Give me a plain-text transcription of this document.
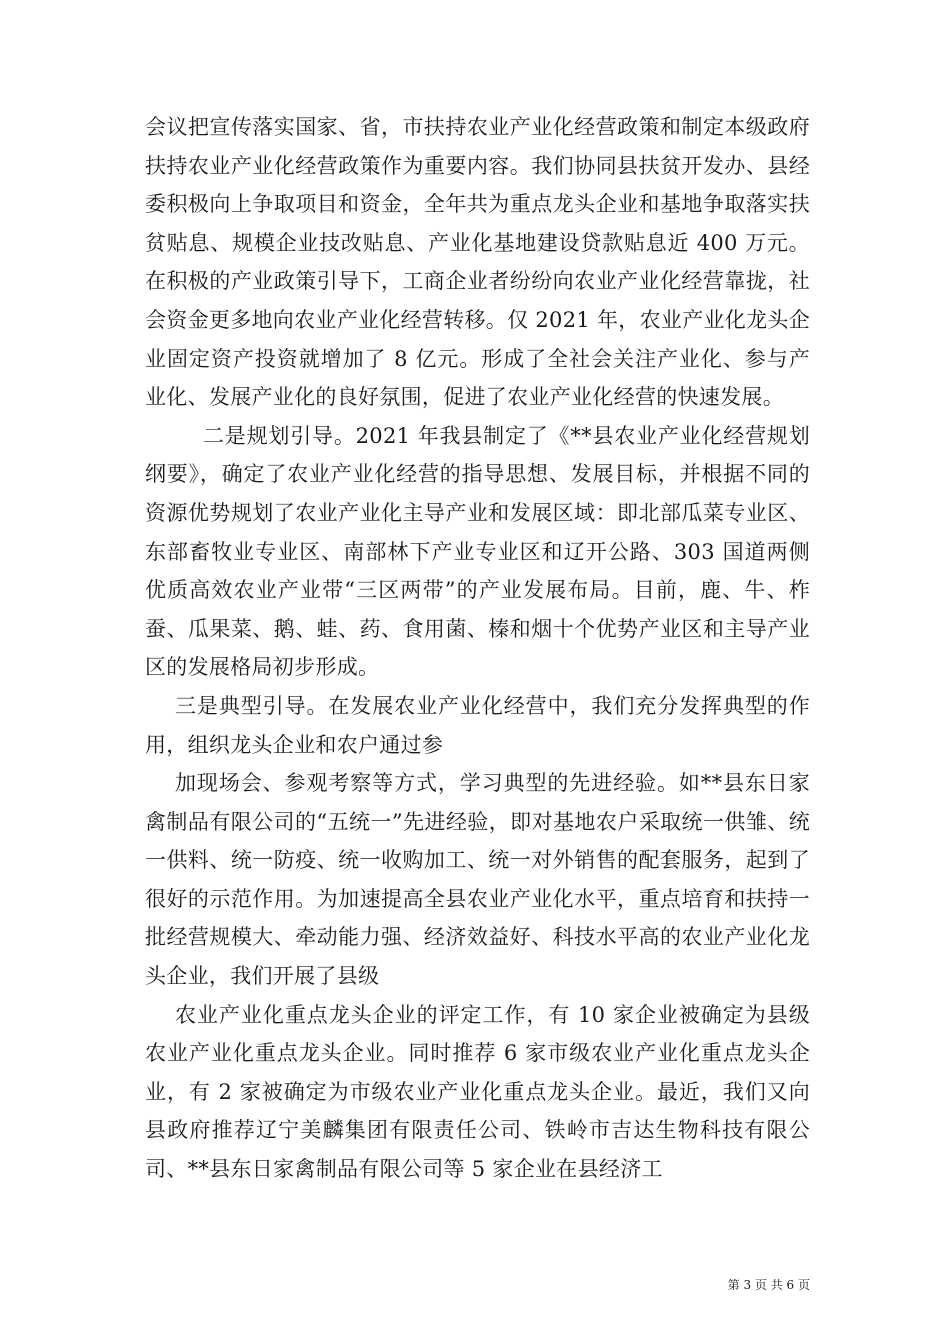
会议把宣传落实国家、省，市扶持农业产业化经营政策和制定本级政府扶持农业产业化经营政策作为重要内容。我们协同县扶贫开发办、县经委积极向上争取项目和资金，全年共为重点龙头企业和基地争取落实扶贫贴息、规模企业技改贴息、产业化基地建设贷款贴息近 400 万元。在积极的产业政策引导下，工商企业者纷纷向农业产业化经营靠拢，社会资金更多地向农业产业化经营转移。仅 2021 年，农业产业化龙头企业固定资产投资就增加了 8 亿元。形成了全社会关注产业化、参与产业化、发展产业化的良好氛围，促进了农业产业化经营的快速发展。

二是规划引导。2021 年我县制定了《**县农业产业化经营规划纲要》，确定了农业产业化经营的指导思想、发展目标，并根据不同的资源优势规划了农业产业化主导产业和发展区域：即北部瓜菜专业区、东部畜牧业专业区、南部林下产业专业区和辽开公路、303 国道两侧优质高效农业产业带“三区两带”的产业发展布局。目前，鹿、牛、柞蚕、瓜果菜、鹅、蛙、药、食用菌、榛和烟十个优势产业区和主导产业区的发展格局初步形成。

三是典型引导。在发展农业产业化经营中，我们充分发挥典型的作用，组织龙头企业和农户通过参

加现场会、参观考察等方式，学习典型的先进经验。如**县东日家禽制品有限公司的“五统一”先进经验，即对基地农户采取统一供雏、统一供料、统一防疫、统一收购加工、统一对外销售的配套服务，起到了很好的示范作用。为加速提高全县农业产业化水平，重点培育和扶持一批经营规模大、牵动能力强、经济效益好、科技水平高的农业产业化龙头企业，我们开展了县级

农业产业化重点龙头企业的评定工作，有 10 家企业被确定为县级农业产业化重点龙头企业。同时推荐 6 家市级农业产业化重点龙头企业，有 2 家被确定为市级农业产业化重点龙头企业。最近，我们又向县政府推荐辽宁美麟集团有限责任公司、铁岭市吉达生物科技有限公司、**县东日家禽制品有限公司等 5 家企业在县经济工

第 3 页 共 6 页
